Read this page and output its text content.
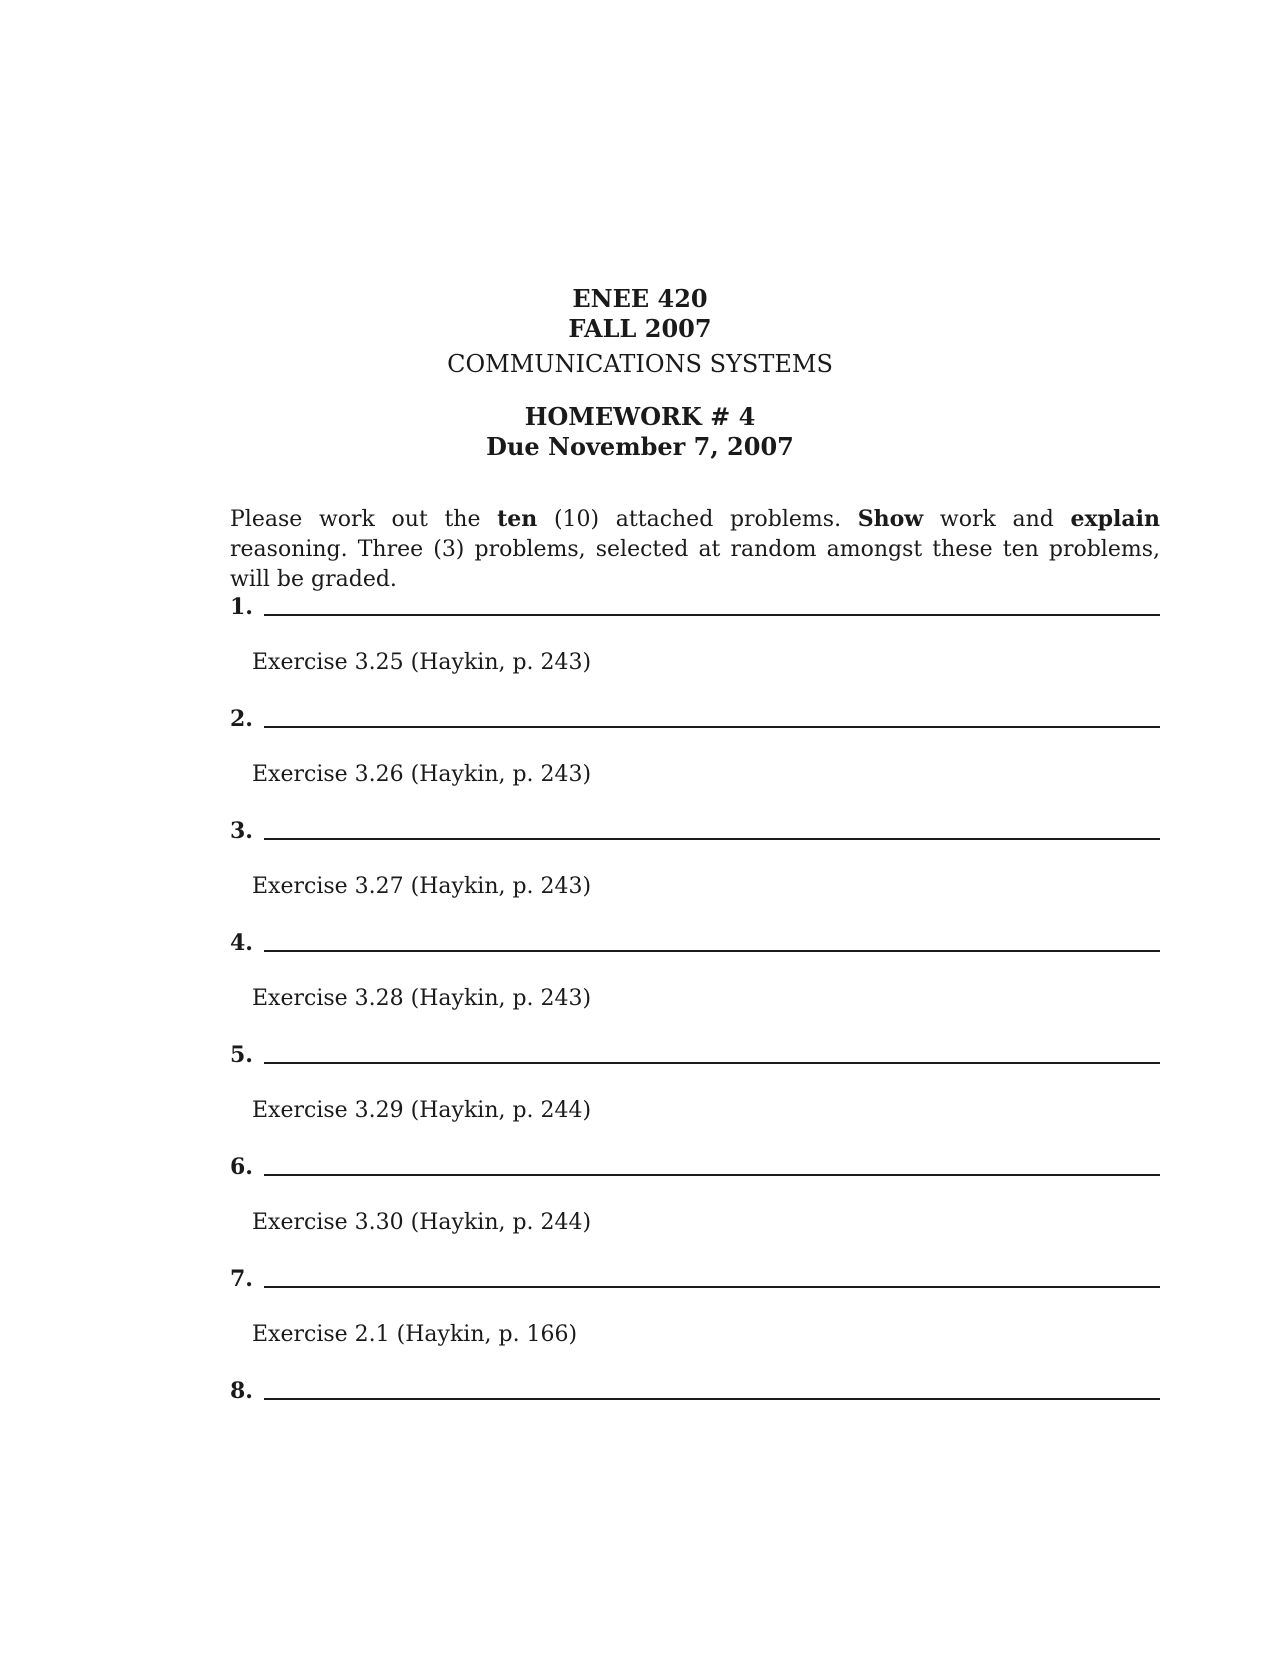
ENEE 420
FALL 2007
COMMUNICATIONS SYSTEMS
HOMEWORK # 4
Due November 7, 2007
Please work out the ten (10) attached problems. Show work and explain reasoning. Three (3) problems, selected at random amongst these ten problems, will be graded.
1.
Exercise 3.25 (Haykin, p. 243)
2.
Exercise 3.26 (Haykin, p. 243)
3.
Exercise 3.27 (Haykin, p. 243)
4.
Exercise 3.28 (Haykin, p. 243)
5.
Exercise 3.29 (Haykin, p. 244)
6.
Exercise 3.30 (Haykin, p. 244)
7.
Exercise 2.1 (Haykin, p. 166)
8.
